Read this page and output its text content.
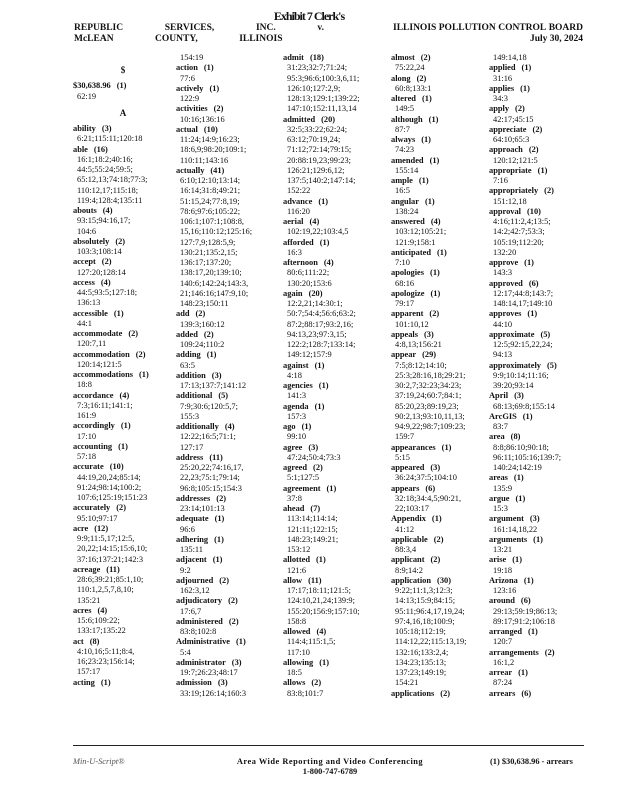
Exhibit 7 Clerk's
REPUBLIC	SERVICES,	INC.	v.
McLEAN	COUNTY,	ILLINOIS
ILLINOIS POLLUTION CONTROL BOARD
July 30, 2024
$
$30,638.96 (1)
62:19
A
ability (3)
6:21;115:11;120:18
able (16)
16:1;18:2;40:16;
44:5;55:24;59:5;
65:12,13;74:18;77:3;
110:12,17;115:18;
119:4;128:4;135:11
abouts (4)
93:15;94:16,17;
104:6
absolutely (2)
103:3;108:14
accept (2)
127:20;128:14
access (4)
44:5;93:5;127:18;
136:13
accessible (1)
44:1
accommodate (2)
120:7,11
accommodation (2)
120:14;121:5
accommodations (1)
18:8
accordance (4)
7:3;16:11;141:1;
161:9
accordingly (1)
17:10
accounting (1)
57:18
accurate (10)
44:19,20,24;85:14;
91:24;98:14;100:2;
107:6;125:19;151:23
accurately (2)
95:10;97:17
acre (12)
9:9;11:5,17;12:5,
20,22;14:15;15:6,10;
37:16;137:21;142:3
acreage (11)
28:6;39:21;85:1,10;
110:1,2,5,7,8,10;
135:21
acres (4)
15:6;109:22;
133:17;135:22
act (8)
4:10,16;5:11;8:4,
16;23:23;156:14;
157:17
acting (1)
154:19
action (1)
77:6
actively (1)
122:9
activities (2)
10:16;136:16
actual (10)
11:24;14:9;16:23;
18:6,9;98:20;109:1;
110:11;143:16
actually (41)
6:10;12:10;13:14;
16:14;31:8;49:21;
51:15,24;77:8,19;
78:6;97:6;105:22;
106:1;107:1;108:8,
15,16;110:12;125:16;
127:7,9;128:5,9;
130:21;135:2,15;
136:17;137:20;
138:17,20;139:10;
140:6;142:24;143:3,
21;146:16;147:9,10;
148:23;150:11
add (2)
139:3;160:12
added (2)
109:24;110:2
adding (1)
63:5
addition (3)
17:13;137:7;141:12
additional (5)
7:9;30:6;120:5,7;
155:3
additionally (4)
12:22;16:5;71:1;
127:17
address (11)
25:20,22;74:16,17,
22,23;75:1;79:14;
96:8;105:15;154:3
addresses (2)
23:14;101:13
adequate (1)
96:6
adhering (1)
135:11
adjacent (1)
9:2
adjourned (2)
162:3,12
adjudicatory (2)
17:6,7
administered (2)
83:8;102:8
Administrative (1)
5:4
administrator (3)
19:7;26:23;48:17
admission (3)
33:19;126:14;160:3
admit (18)
31:23;32:7;71:24;
95:3;96:6;100:3,6,11;
126:10;127:2,9;
128:13;129:1;139:22;
147:10;152:11,13,14
admitted (20)
32:5;33:22;62:24;
63:12;70:19,24;
71:12;72:14;79:15;
20:88:19,23;99:23;
126:21;129:6,12;
137:5;140:2;147:14;
152:22
advance (1)
116:20
aerial (4)
102:19,22;103:4,5
afforded (1)
16:3
afternoon (4)
80:6;111:22;
130:20;153:6
again (20)
12:2,21;14:30:1;
50:7;54:4;56:6;63:2;
87:2;88:17;93:2,16;
94:13,23;97:3,15;
122:2;128:7;133:14;
149:12;157:9
against (1)
4:18
agencies (1)
141:3
agenda (1)
157:3
ago (1)
99:10
agree (3)
47:24;50:4;73:3
agreed (2)
5:1;127:5
agreement (1)
37:8
ahead (7)
113:14;114:14;
121:11;122:15;
148:23;149:21;
153:12
allotted (1)
121:6
allow (11)
17:17;18:11;121:5;
124:10,21,24;139:9;
155:20;156:9;157:10;
158:8
allowed (4)
114:4;115:1,5;
117:10
allowing (1)
18:5
allows (2)
83:8;101:7
almost (2)
75:22,24
along (2)
60:8;133:1
altered (1)
149:5
although (1)
87:7
always (1)
74:23
amended (1)
155:14
ample (1)
16:5
angular (1)
138:24
answered (4)
103:12;105:21;
121:9;158:1
anticipated (1)
7:10
apologies (1)
68:16
apologize (1)
79:17
apparent (2)
101:10,12
appeals (3)
4:8,13;156:21
appear (29)
7:5;8:12;14:10;
25:3;28:16,18;29:21;
30:2,7;32:23;34:23;
37:19,24;60:7;84:1;
85:20,23;89:19,23;
90:2,13;93:10,11,13;
94:9,22;98:7;109:23;
159:7
appearances (1)
5:15
appeared (3)
36:24;37:5;104:10
appears (6)
32:18;34:4,5;90:21,
22;103:17
Appendix (1)
41:12
applicable (2)
88:3,4
applicant (2)
8:9;14:2
application (30)
9:22;11:1,3;12:3;
14:13;15:9;84:15;
95:11;96:4,17,19,24;
97:4,16,18;100:9;
105:18;112:19;
114:12,22;115:13,19;
132:16;133:2,4;
134:23;135:13;
137:23;149:19;
154:21
applications (2)
149:14,18
applied (1)
31:16
applies (1)
34:3
apply (2)
42:17;45:15
appreciate (2)
64:10;65:3
approach (2)
120:12;121:5
appropriate (1)
7:16
appropriately (2)
151:12,18
approval (10)
4:16;11:2,4;13:5;
14:2;42:7;53:3;
105:19;112:20;
132:20
approve (1)
143:3
approved (6)
12:17;44:8;143:7;
148:14,17;149:10
approves (1)
44:10
approximate (5)
12:5;92:15,22,24;
94:13
approximately (5)
9:9;10:14;11:16;
39:20;93:14
April (3)
68:13;69:8;155:14
ArcGIS (1)
83:7
area (8)
8:8;86:10;90:18;
96:11;105:16;139:7;
140:24;142:19
areas (1)
135:9
argue (1)
15:3
argument (3)
161:14,18,22
arguments (1)
13:21
arise (1)
19:18
Arizona (1)
123:16
around (6)
29:13;59:19;86:13;
89:17;91:2;106:18
arranged (1)
120:7
arrangements (2)
16:1,2
arrear (1)
87:24
arrears (6)
Min-U-Script®	Area Wide Reporting and Video Conferencing
1-800-747-6789
(1) $30,638.96 - arrears
